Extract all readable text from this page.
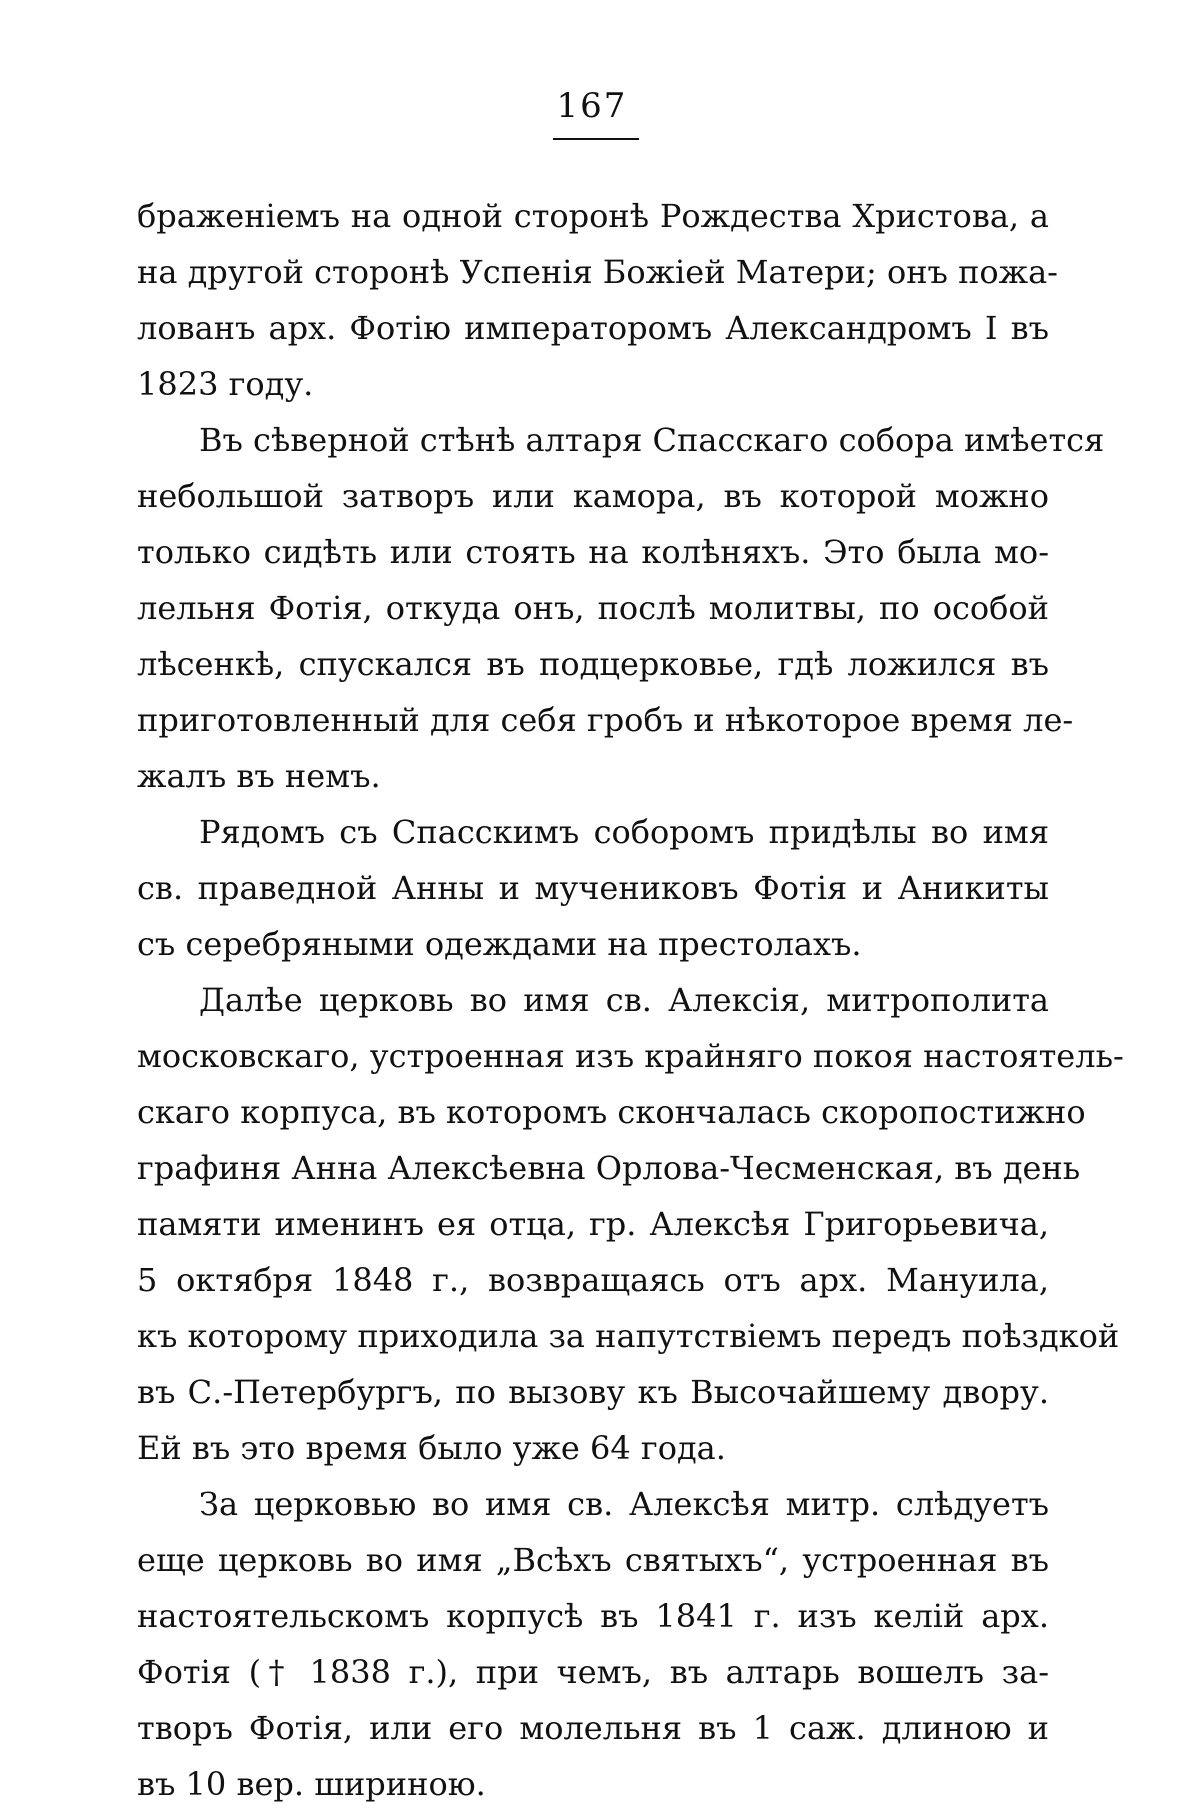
167

браженiемъ на одной сторонѣ Рождества Христова, а
на другой сторонѣ Успенiя Божiей Матери; онъ пожа-
лованъ арх. Фотiю императоромъ Александромъ I въ
1823 году.

Въ сѣверной стѣнѣ алтаря Спасскаго собора имѣется
небольшой затворъ или камора, въ которой можно
только сидѣть или стоять на колѣняхъ. Это была мо-
лельня Фотiя, откуда онъ, послѣ молитвы, по особой
лѣсенкѣ, спускался въ подцерковье, гдѣ ложился въ
приготовленный для себя гробъ и нѣкоторое время ле-
жалъ въ немъ.

Рядомъ съ Спасскимъ соборомъ придѣлы во имя
св. праведной Анны и мучениковъ Фотiя и Аникиты
съ серебряными одеждами на престолахъ.

Далѣе церковь во имя св. Алексiя, митрополита
московскаго, устроенная изъ крайняго покоя настоятель-
скаго корпуса, въ которомъ скончалась скоропостижно
графиня Анна Алексѣевна Орлова-Чесменская, въ день
памяти именинъ ея отца, гр. Алексѣя Григорьевича,
5 октября 1848 г., возвращаясь отъ арх. Мануила,
къ которому приходила за напутствiемъ передъ поѣздкой
въ С.-Петербургъ, по вызову къ Высочайшему двору.
Ей въ это время было уже 64 года.

За церковью во имя св. Алексѣя митр. слѣдуетъ
еще церковь во имя „Всѣхъ святыхъ“, устроенная въ
настоятельскомъ корпусѣ въ 1841 г. изъ келiй арх.
Фотiя († 1838 г.), при чемъ, въ алтарь вошелъ за-
творъ Фотiя, или его молельня въ 1 саж. длиною и
въ 10 вер. шириною.
